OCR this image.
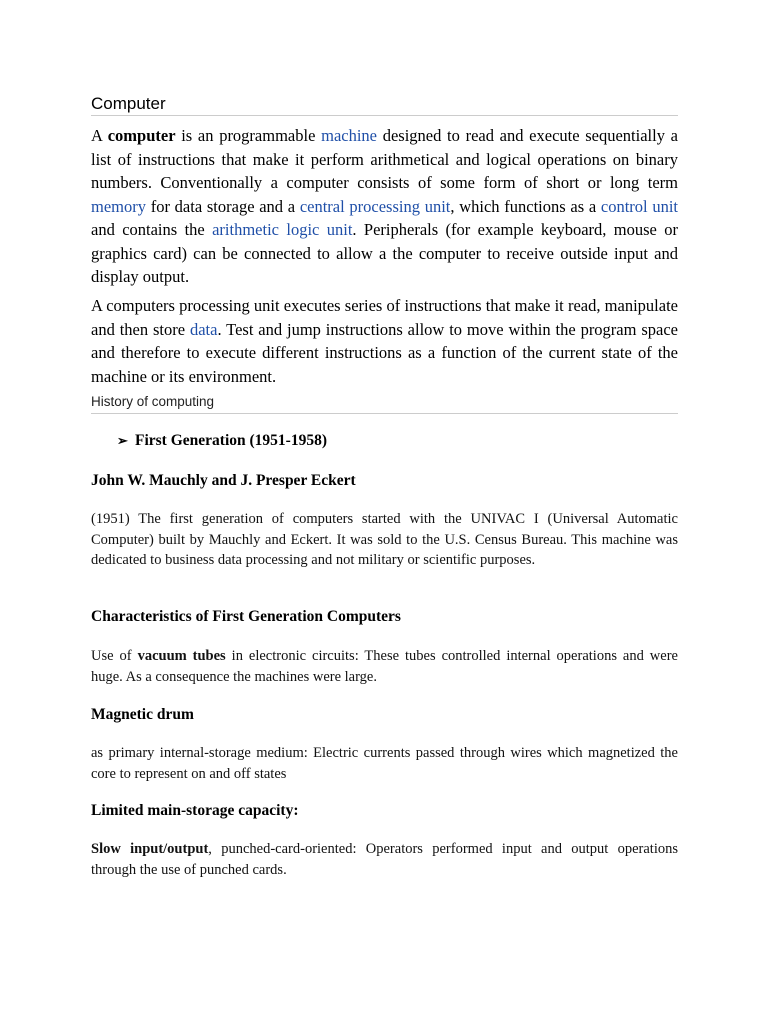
Computer

A computer is an programmable machine designed to read and execute sequentially a list of instructions that make it perform arithmetical and logical operations on binary numbers. Conventionally a computer consists of some form of short or long term memory for data storage and a central processing unit, which functions as a control unit and contains the arithmetic logic unit. Peripherals (for example keyboard, mouse or graphics card) can be connected to allow a the computer to receive outside input and display output.

A computers processing unit executes series of instructions that make it read, manipulate and then store data. Test and jump instructions allow to move within the program space and therefore to execute different instructions as a function of the current state of the machine or its environment.

History of computing
➢ First Generation (1951-1958)

John W. Mauchly and J. Presper Eckert

(1951) The first generation of computers started with the UNIVAC I (Universal Automatic Computer) built by Mauchly and Eckert. It was sold to the U.S. Census Bureau. This machine was dedicated to business data processing and not military or scientific purposes.

Characteristics of First Generation Computers

Use of vacuum tubes in electronic circuits: These tubes controlled internal operations and were huge. As a consequence the machines were large.

Magnetic drum

as primary internal-storage medium: Electric currents passed through wires which magnetized the core to represent on and off states

Limited main-storage capacity:

Slow input/output, punched-card-oriented: Operators performed input and output operations through the use of punched cards.
